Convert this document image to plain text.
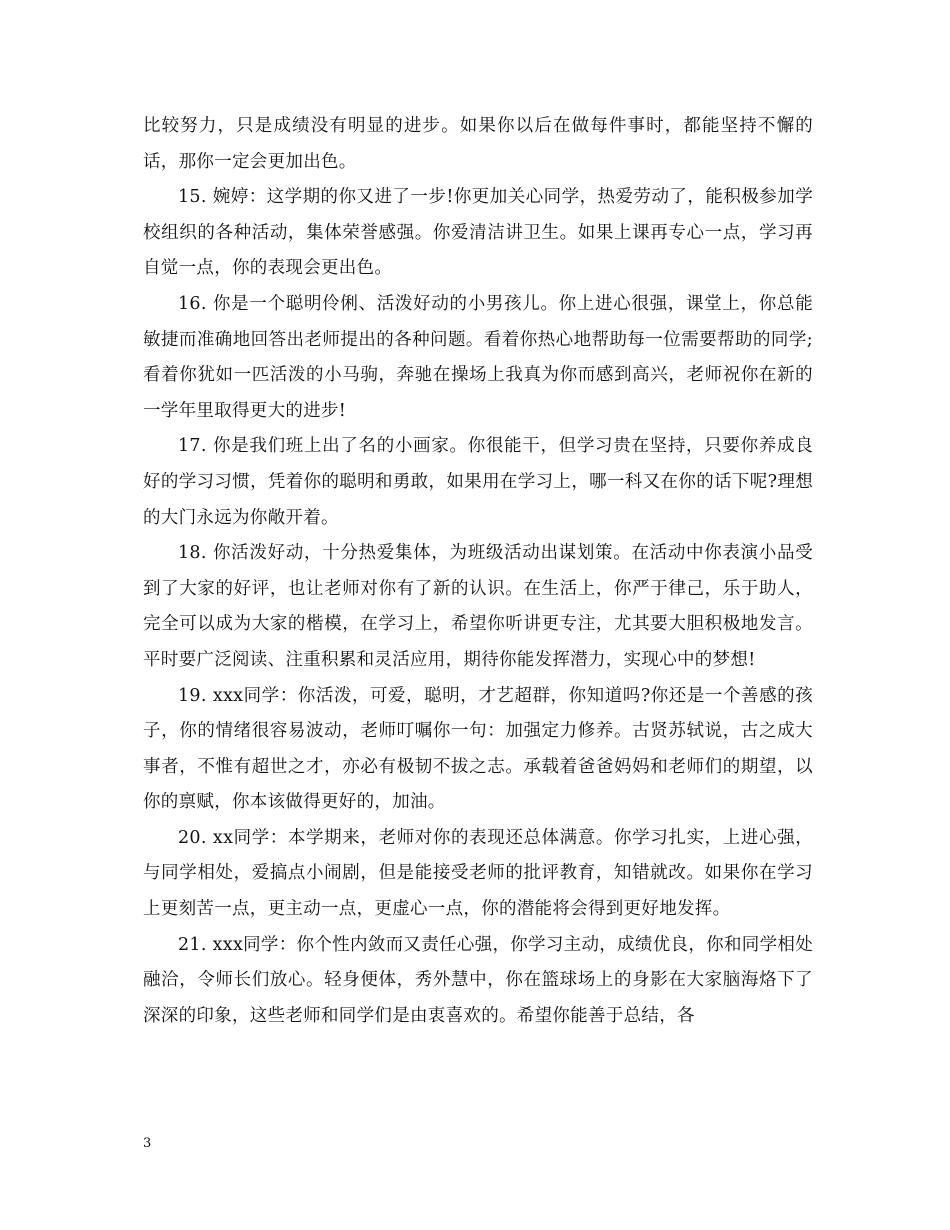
比较努力，只是成绩没有明显的进步。如果你以后在做每件事时，都能坚持不懈的话，那你一定会更加出色。

15. 婉婷：这学期的你又进了一步!你更加关心同学，热爱劳动了，能积极参加学校组织的各种活动，集体荣誉感强。你爱清洁讲卫生。如果上课再专心一点，学习再自觉一点，你的表现会更出色。

16. 你是一个聪明伶俐、活泼好动的小男孩儿。你上进心很强，课堂上，你总能敏捷而准确地回答出老师提出的各种问题。看着你热心地帮助每一位需要帮助的同学;看着你犹如一匹活泼的小马驹，奔驰在操场上我真为你而感到高兴，老师祝你在新的一学年里取得更大的进步!

17. 你是我们班上出了名的小画家。你很能干，但学习贵在坚持，只要你养成良好的学习习惯，凭着你的聪明和勇敢，如果用在学习上，哪一科又在你的话下呢?理想的大门永远为你敞开着。

18. 你活泼好动，十分热爱集体，为班级活动出谋划策。在活动中你表演小品受到了大家的好评，也让老师对你有了新的认识。在生活上，你严于律己，乐于助人，完全可以成为大家的楷模，在学习上，希望你听讲更专注，尤其要大胆积极地发言。平时要广泛阅读、注重积累和灵活应用，期待你能发挥潜力，实现心中的梦想!

19. xxx同学：你活泼，可爱，聪明，才艺超群，你知道吗?你还是一个善感的孩子，你的情绪很容易波动，老师叮嘱你一句：加强定力修养。古贤苏轼说，古之成大事者，不惟有超世之才，亦必有极韧不拔之志。承载着爸爸妈妈和老师们的期望，以你的禀赋，你本该做得更好的，加油。

20. xx同学：本学期来，老师对你的表现还总体满意。你学习扎实，上进心强，与同学相处，爱搞点小闹剧，但是能接受老师的批评教育，知错就改。如果你在学习上更刻苦一点，更主动一点，更虚心一点，你的潜能将会得到更好地发挥。

21. xxx同学：你个性内敛而又责任心强，你学习主动，成绩优良，你和同学相处融洽，令师长们放心。轻身便体，秀外慧中，你在篮球场上的身影在大家脑海烙下了深深的印象，这些老师和同学们是由衷喜欢的。希望你能善于总结，各

3
